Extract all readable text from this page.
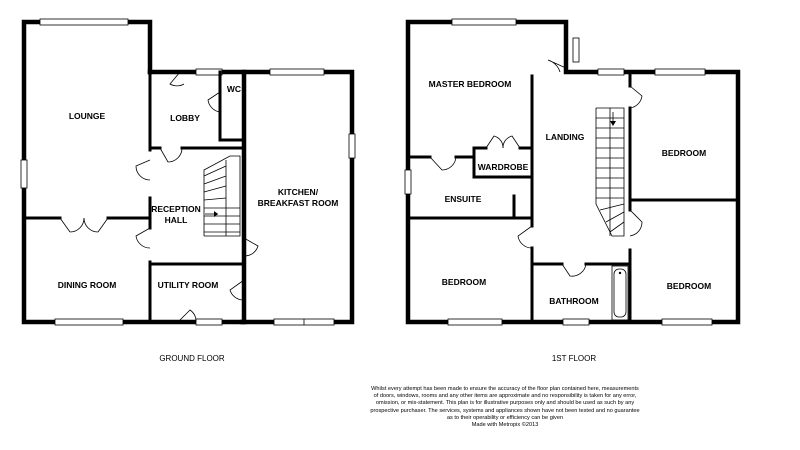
LOUNGE	LOBBY
WC
KITCHEN/
BREAKFAST ROOM
RECEPTION
HALL
DINING ROOM	UTILITY ROOM
GROUND FLOOR
MASTER BEDROOM
WARDROBE
LANDING
BEDROOM
ENSUITE
BEDROOM
BATHROOM
BEDROOM
1ST FLOOR
Whilst every attempt has been made to ensure the accuracy of the floor plan contained here, measurements
of doors, windows, rooms and any other items are approximate and no responsibility is taken for any error,
omission, or mis-statement. This plan is for illustrative purposes only and should be used as such by any
prospective purchaser. The services, systems and appliances shown have not been tested and no guarantee
as to their operability or efficiency can be given
Made with Metropix ©2013
